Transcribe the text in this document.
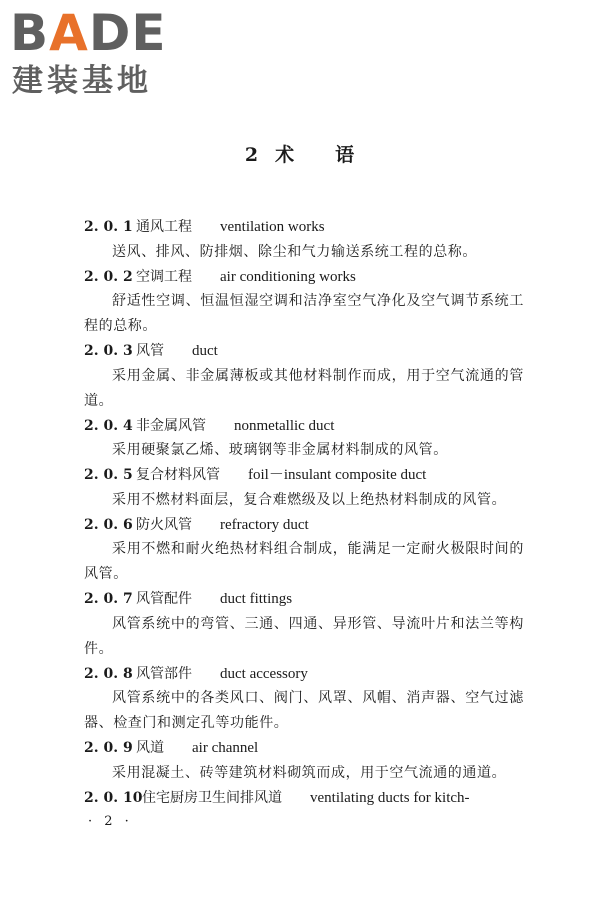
B A DE
建装基地
2 术 语
2. 0. 1 通风工程 ventilation works

送风、排风、防排烟、除尘和气力输送系统工程的总称。

2. 0. 2 空调工程 air conditioning works

舒适性空调、恒温恒湿空调和洁净室空气净化及空气调节系统工程的总称。

2. 0. 3 风管 duct

采用金属、非金属薄板或其他材料制作而成，用于空气流通的管道。

2. 0. 4 非金属风管 nonmetallic duct

采用硬聚氯乙烯、玻璃钢等非金属材料制成的风管。

2. 0. 5 复合材料风管 foil－insulant composite duct

采用不燃材料面层，复合难燃级及以上绝热材料制成的风管。

2. 0. 6 防火风管 refractory duct

采用不燃和耐火绝热材料组合制成，能满足一定耐火极限时间的风管。

2. 0. 7 风管配件 duct fittings

风管系统中的弯管、三通、四通、异形管、导流叶片和法兰等构件。

2. 0. 8 风管部件 duct accessory

风管系统中的各类风口、阀门、风罩、风帽、消声器、空气过滤器、检查门和测定孔等功能件。

2. 0. 9 风道 air channel

采用混凝土、砖等建筑材料砌筑而成，用于空气流通的通道。

2. 0. 10住宅厨房卫生间排风道 ventilating ducts for kitch-
· 2 ·
